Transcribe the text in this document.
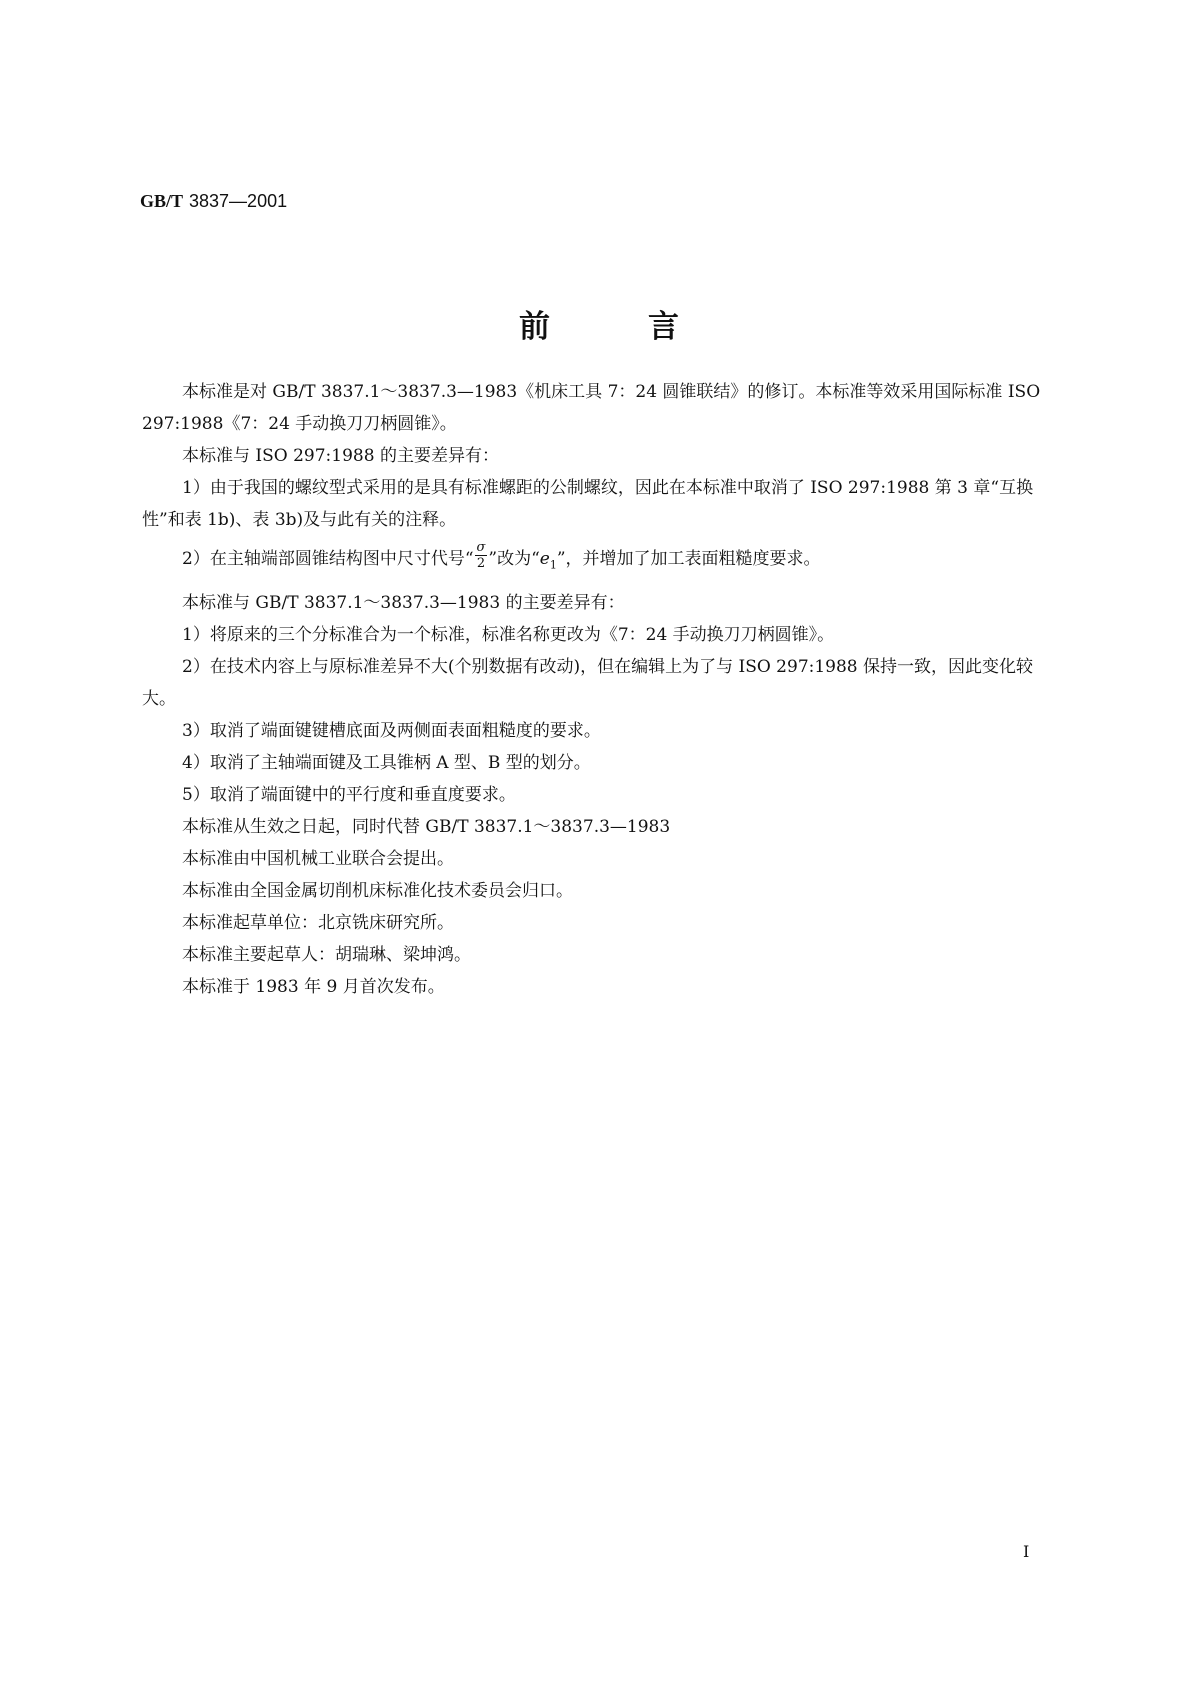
GB/T 3837—2001
前	言

本标准是对 GB/T 3837.1～3837.3—1983《机床工具 7：24 圆锥联结》的修订。本标准等效采用国际标准 ISO 297:1988《7：24 手动换刀刀柄圆锥》。

本标准与 ISO 297:1988 的主要差异有：

1）由于我国的螺纹型式采用的是具有标准螺距的公制螺纹，因此在本标准中取消了 ISO 297:1988 第 3 章“互换性”和表 1b)、表 3b)及与此有关的注释。

2）在主轴端部圆锥结构图中尺寸代号“ $\frac{\sigma}{2}$ ”改为“$e_1$”，并增加了加工表面粗糙度要求。

本标准与 GB/T 3837.1～3837.3—1983 的主要差异有：

1）将原来的三个分标准合为一个标准，标准名称更改为《7：24 手动换刀刀柄圆锥》。

2）在技术内容上与原标准差异不大(个别数据有改动)，但在编辑上为了与 ISO 297:1988 保持一致，因此变化较大。

3）取消了端面键键槽底面及两侧面表面粗糙度的要求。

4）取消了主轴端面键及工具锥柄 A 型、B 型的划分。

5）取消了端面键中的平行度和垂直度要求。

本标准从生效之日起，同时代替 GB/T 3837.1～3837.3—1983

本标准由中国机械工业联合会提出。

本标准由全国金属切削机床标准化技术委员会归口。

本标准起草单位：北京铣床研究所。

本标准主要起草人：胡瑞琳、梁坤鸿。

本标准于 1983 年 9 月首次发布。

I
